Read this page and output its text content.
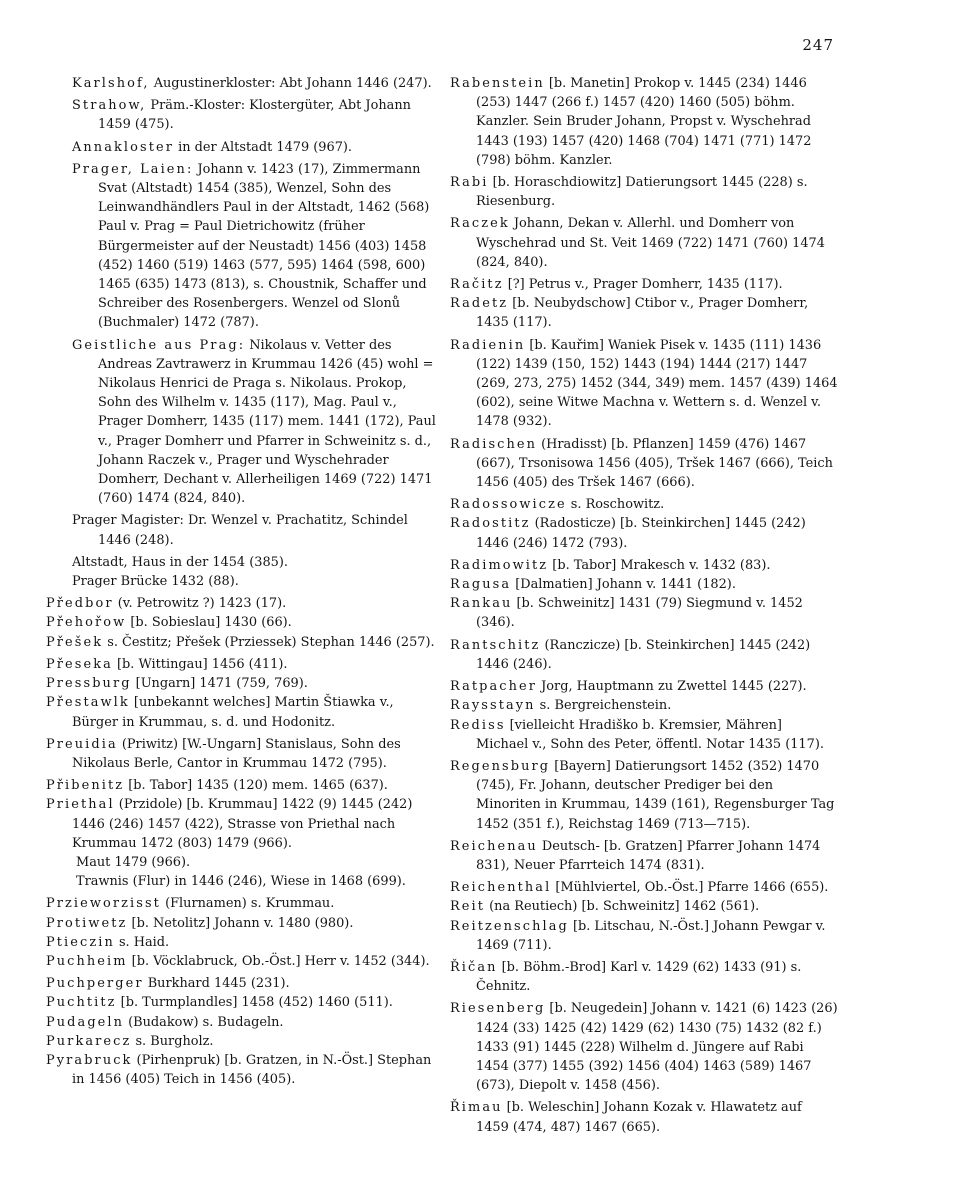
247

Karlshof, Augustinerkloster: Abt Johann 1446 (247).

Strahow, Präm.-Kloster: Klostergüter, Abt Johann 1459 (475).

Annakloster in der Altstadt 1479 (967).

Prager, Laien: Johann v. 1423 (17), Zimmermann Svat (Altstadt) 1454 (385), Wenzel, Sohn des Leinwandhändlers Paul in der Altstadt, 1462 (568) Paul v. Prag = Paul Dietrichowitz (früher Bürgermeister auf der Neustadt) 1456 (403) 1458 (452) 1460 (519) 1463 (577, 595) 1464 (598, 600) 1465 (635) 1473 (813), s. Choustnik, Schaffer und Schreiber des Rosenbergers. Wenzel od Slonů (Buchmaler) 1472 (787).

Geistliche aus Prag: Nikolaus v. Vetter des Andreas Zavtrawerz in Krummau 1426 (45) wohl = Nikolaus Henrici de Praga s. Nikolaus. Prokop, Sohn des Wilhelm v. 1435 (117), Mag. Paul v., Prager Domherr, 1435 (117) mem. 1441 (172), Paul v., Prager Domherr und Pfarrer in Schweinitz s. d., Johann Raczek v., Prager und Wyschehrader Domherr, Dechant v. Allerheiligen 1469 (722) 1471 (760) 1474 (824, 840).

Prager Magister: Dr. Wenzel v. Prachatitz, Schindel 1446 (248).

Altstadt, Haus in der 1454 (385).

Prager Brücke 1432 (88).

Předbor (v. Petrowitz ?) 1423 (17).

Přehořow [b. Sobieslau] 1430 (66).

Přešek s. Čestitz; Přešek (Prziessek) Stephan 1446 (257).

Přeseka [b. Wittingau] 1456 (411).

Pressburg [Ungarn] 1471 (759, 769).

Přestawlk [unbekannt welches] Martin Štiawka v., Bürger in Krummau, s. d. und Hodonitz.

Preuidia (Priwitz) [W.-Ungarn] Stanislaus, Sohn des Nikolaus Berle, Cantor in Krummau 1472 (795).

Přibenitz [b. Tabor] 1435 (120) mem. 1465 (637).

Priethal (Przidole) [b. Krummau] 1422 (9) 1445 (242) 1446 (246) 1457 (422), Strasse von Priethal nach Krummau 1472 (803) 1479 (966).

Maut 1479 (966).

Trawnis (Flur) in 1446 (246), Wiese in 1468 (699).

Przieworzisst (Flurnamen) s. Krummau.

Protiwetz [b. Netolitz] Johann v. 1480 (980).

Ptieczin s. Haid.

Puchheim [b. Vöcklabruck, Ob.-Öst.] Herr v. 1452 (344).

Puchperger Burkhard 1445 (231).

Puchtitz [b. Turmplandles] 1458 (452) 1460 (511).

Pudageln (Budakow) s. Budageln.

Purkarecz s. Burgholz.

Pyrabruck (Pirhenpruk) [b. Gratzen, in N.-Öst.] Stephan in 1456 (405) Teich in 1456 (405).

Rabenstein [b. Manetin] Prokop v. 1445 (234) 1446 (253) 1447 (266 f.) 1457 (420) 1460 (505) böhm. Kanzler. Sein Bruder Johann, Propst v. Wyschehrad 1443 (193) 1457 (420) 1468 (704) 1471 (771) 1472 (798) böhm. Kanzler.

Rabi [b. Horaschdiowitz] Datierungsort 1445 (228) s. Riesenburg.

Raczek Johann, Dekan v. Allerhl. und Domherr von Wyschehrad und St. Veit 1469 (722) 1471 (760) 1474 (824, 840).

Račitz [?] Petrus v., Prager Domherr, 1435 (117).

Radetz [b. Neubydschow] Ctibor v., Prager Domherr, 1435 (117).

Radienin [b. Kauřim] Waniek Pisek v. 1435 (111) 1436 (122) 1439 (150, 152) 1443 (194) 1444 (217) 1447 (269, 273, 275) 1452 (344, 349) mem. 1457 (439) 1464 (602), seine Witwe Machna v. Wettern s. d. Wenzel v. 1478 (932).

Radischen (Hradisst) [b. Pflanzen] 1459 (476) 1467 (667), Trsonisowa 1456 (405), Tršek 1467 (666), Teich 1456 (405) des Tršek 1467 (666).

Radossowicze s. Roschowitz.

Radostitz (Radosticze) [b. Steinkirchen] 1445 (242) 1446 (246) 1472 (793).

Radimowitz [b. Tabor] Mrakesch v. 1432 (83).

Ragusa [Dalmatien] Johann v. 1441 (182).

Rankau [b. Schweinitz] 1431 (79) Siegmund v. 1452 (346).

Rantschitz (Ranczicze) [b. Steinkirchen] 1445 (242) 1446 (246).

Ratpacher Jorg, Hauptmann zu Zwettel 1445 (227).

Raysstayn s. Bergreichenstein.

Rediss [vielleicht Hradiško b. Kremsier, Mähren] Michael v., Sohn des Peter, öffentl. Notar 1435 (117).

Regensburg [Bayern] Datierungsort 1452 (352) 1470 (745), Fr. Johann, deutscher Prediger bei den Minoriten in Krummau, 1439 (161), Regensburger Tag 1452 (351 f.), Reichstag 1469 (713—715).

Reichenau Deutsch- [b. Gratzen] Pfarrer Johann 1474 831), Neuer Pfarrteich 1474 (831).

Reichenthal [Mühlviertel, Ob.-Öst.] Pfarre 1466 (655).

Reit (na Reutiech) [b. Schweinitz] 1462 (561).

Reitzenschlag [b. Litschau, N.-Öst.] Johann Pewgar v. 1469 (711).

Řičan [b. Böhm.-Brod] Karl v. 1429 (62) 1433 (91) s. Čehnitz.

Riesenberg [b. Neugedein] Johann v. 1421 (6) 1423 (26) 1424 (33) 1425 (42) 1429 (62) 1430 (75) 1432 (82 f.) 1433 (91) 1445 (228) Wilhelm d. Jüngere auf Rabi 1454 (377) 1455 (392) 1456 (404) 1463 (589) 1467 (673), Diepolt v. 1458 (456).

Řimau [b. Weleschin] Johann Kozak v. Hlawatetz auf 1459 (474, 487) 1467 (665).
